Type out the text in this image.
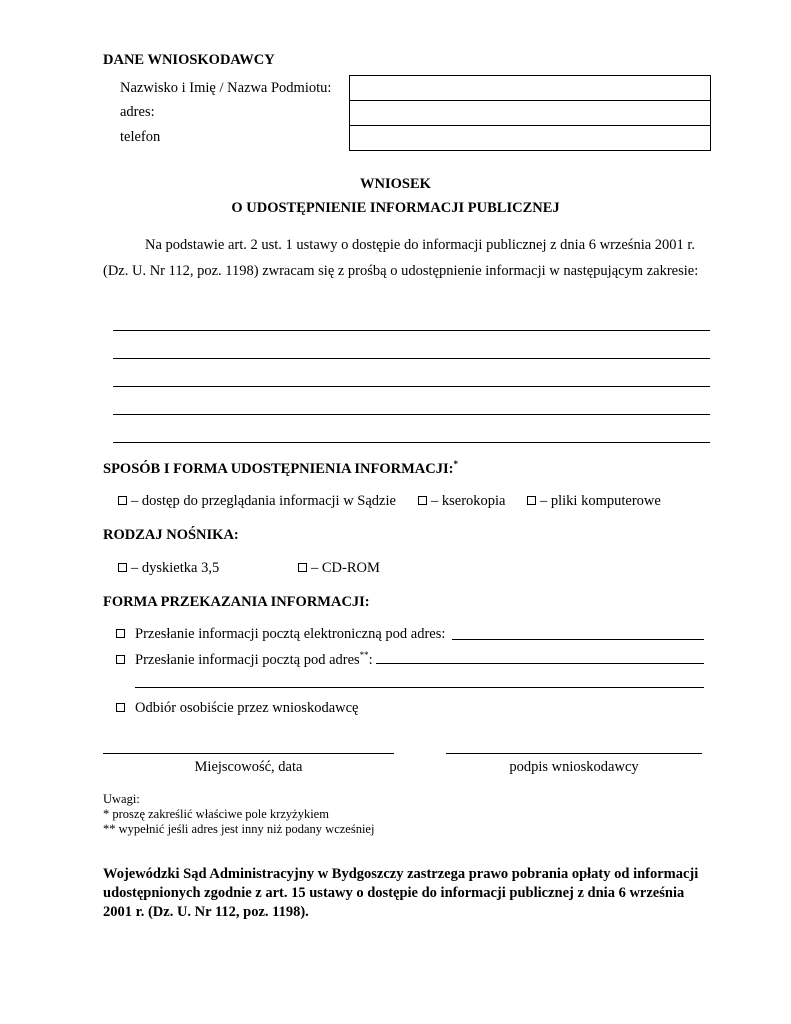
DANE WNIOSKODAWCY
Nazwisko i Imię / Nazwa Podmiotu:
adres:
telefon
WNIOSEK
O UDOSTĘPNIENIE INFORMACJI PUBLICZNEJ
Na podstawie art. 2 ust. 1 ustawy o dostępie do informacji publicznej z dnia 6 września 2001 r.
(Dz. U. Nr 112, poz. 1198) zwracam się z prośbą o udostępnienie informacji w następującym zakresie:
SPOSÓB I FORMA UDOSTĘPNIENIA INFORMACJI:*
– dostęp do przeglądania informacji w Sądzie	– kserokopia	– pliki komputerowe
RODZAJ NOŚNIKA:
– dyskietka 3,5	– CD-ROM
FORMA PRZEKAZANIA INFORMACJI:
Przesłanie informacji pocztą elektroniczną pod adres:
Przesłanie informacji pocztą pod adres**:
Odbiór osobiście przez wnioskodawcę
Miejscowość, data	podpis wnioskodawcy
Uwagi:
* proszę zakreślić właściwe pole krzyżykiem
** wypełnić jeśli adres jest inny niż podany wcześniej
Wojewódzki Sąd Administracyjny w Bydgoszczy zastrzega prawo pobrania opłaty od informacji
udostępnionych zgodnie z art. 15 ustawy o dostępie do informacji publicznej z dnia 6 września
2001 r. (Dz. U. Nr 112, poz. 1198).
